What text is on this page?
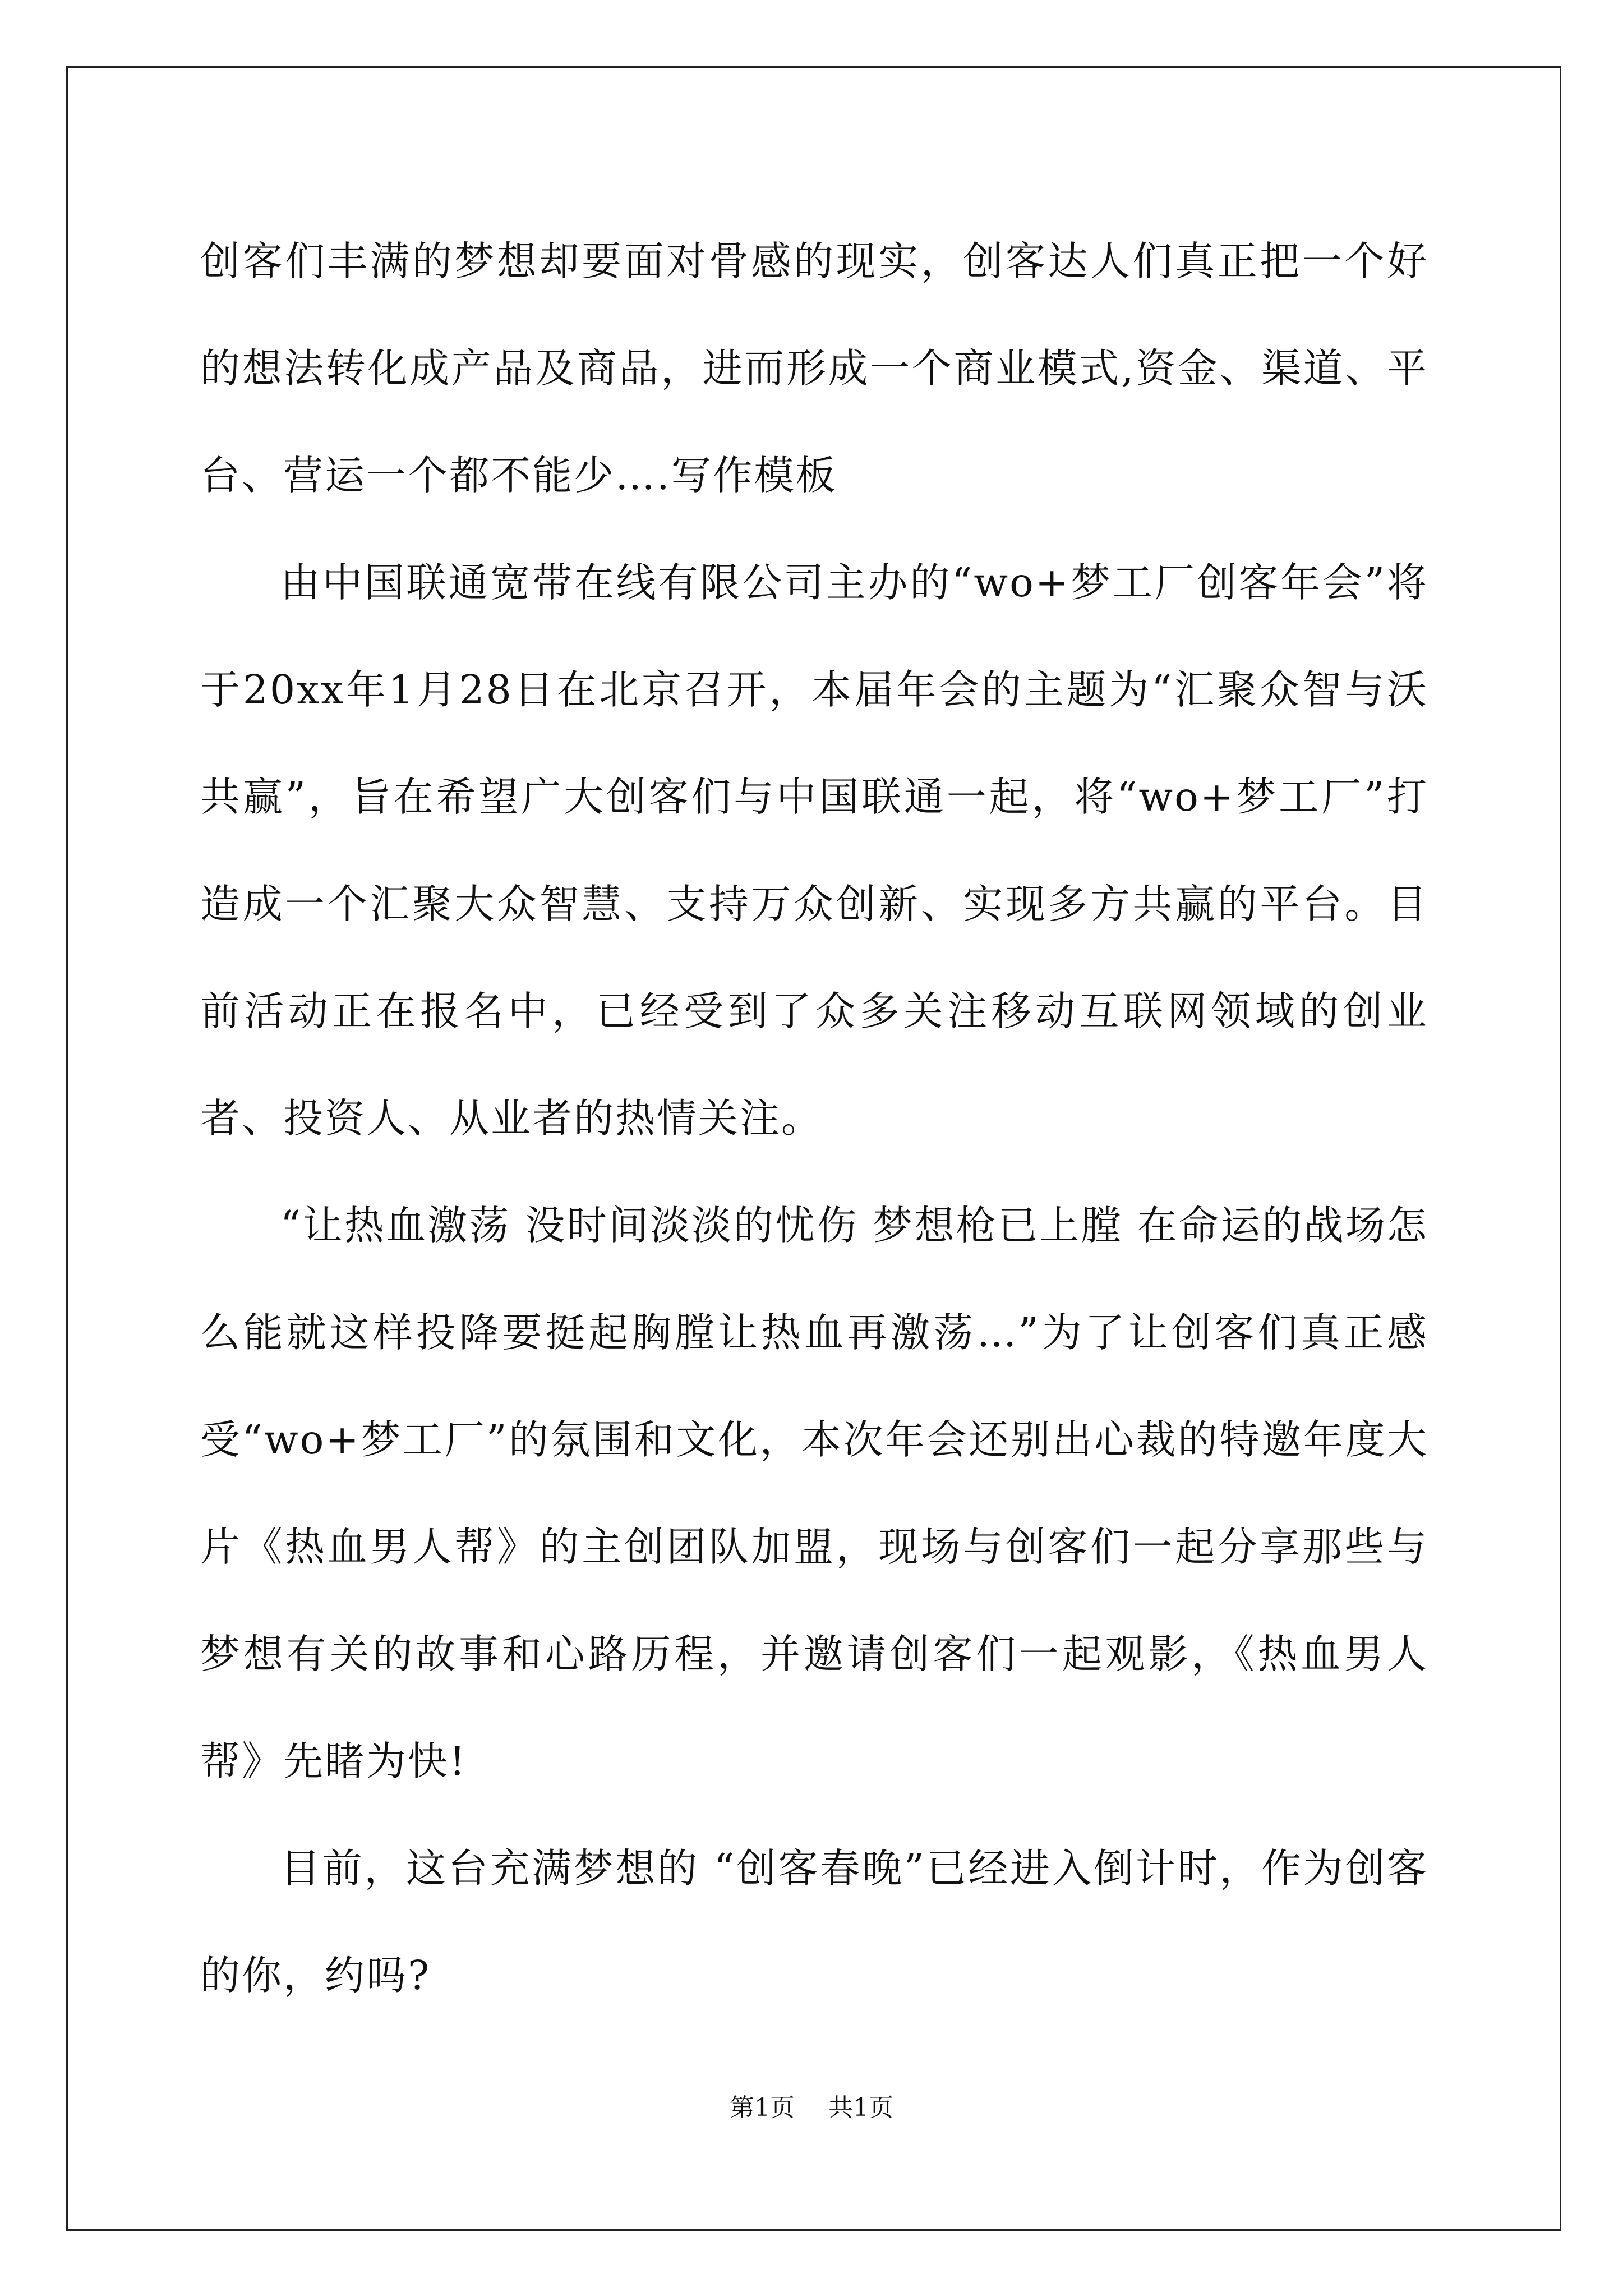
创客们丰满的梦想却要面对骨感的现实，创客达人们真正把一个好的想法转化成产品及商品，进而形成一个商业模式,资金、渠道、平台、营运一个都不能少….写作模板

由中国联通宽带在线有限公司主办的“wo+梦工厂创客年会”将于20xx年1月28日在北京召开，本届年会的主题为“汇聚众智与沃共赢”，旨在希望广大创客们与中国联通一起，将“wo+梦工厂”打造成一个汇聚大众智慧、支持万众创新、实现多方共赢的平台。目前活动正在报名中，已经受到了众多关注移动互联网领域的创业者、投资人、从业者的热情关注。

“让热血激荡 没时间淡淡的忧伤 梦想枪已上膛 在命运的战场怎么能就这样投降要挺起胸膛让热血再激荡…”为了让创客们真正感受“wo+梦工厂”的氛围和文化，本次年会还别出心裁的特邀年度大片《热血男人帮》的主创团队加盟，现场与创客们一起分享那些与梦想有关的故事和心路历程，并邀请创客们一起观影，《热血男人帮》先睹为快!

目前，这台充满梦想的 “创客春晚”已经进入倒计时，作为创客的你，约吗?

第1页 共1页
